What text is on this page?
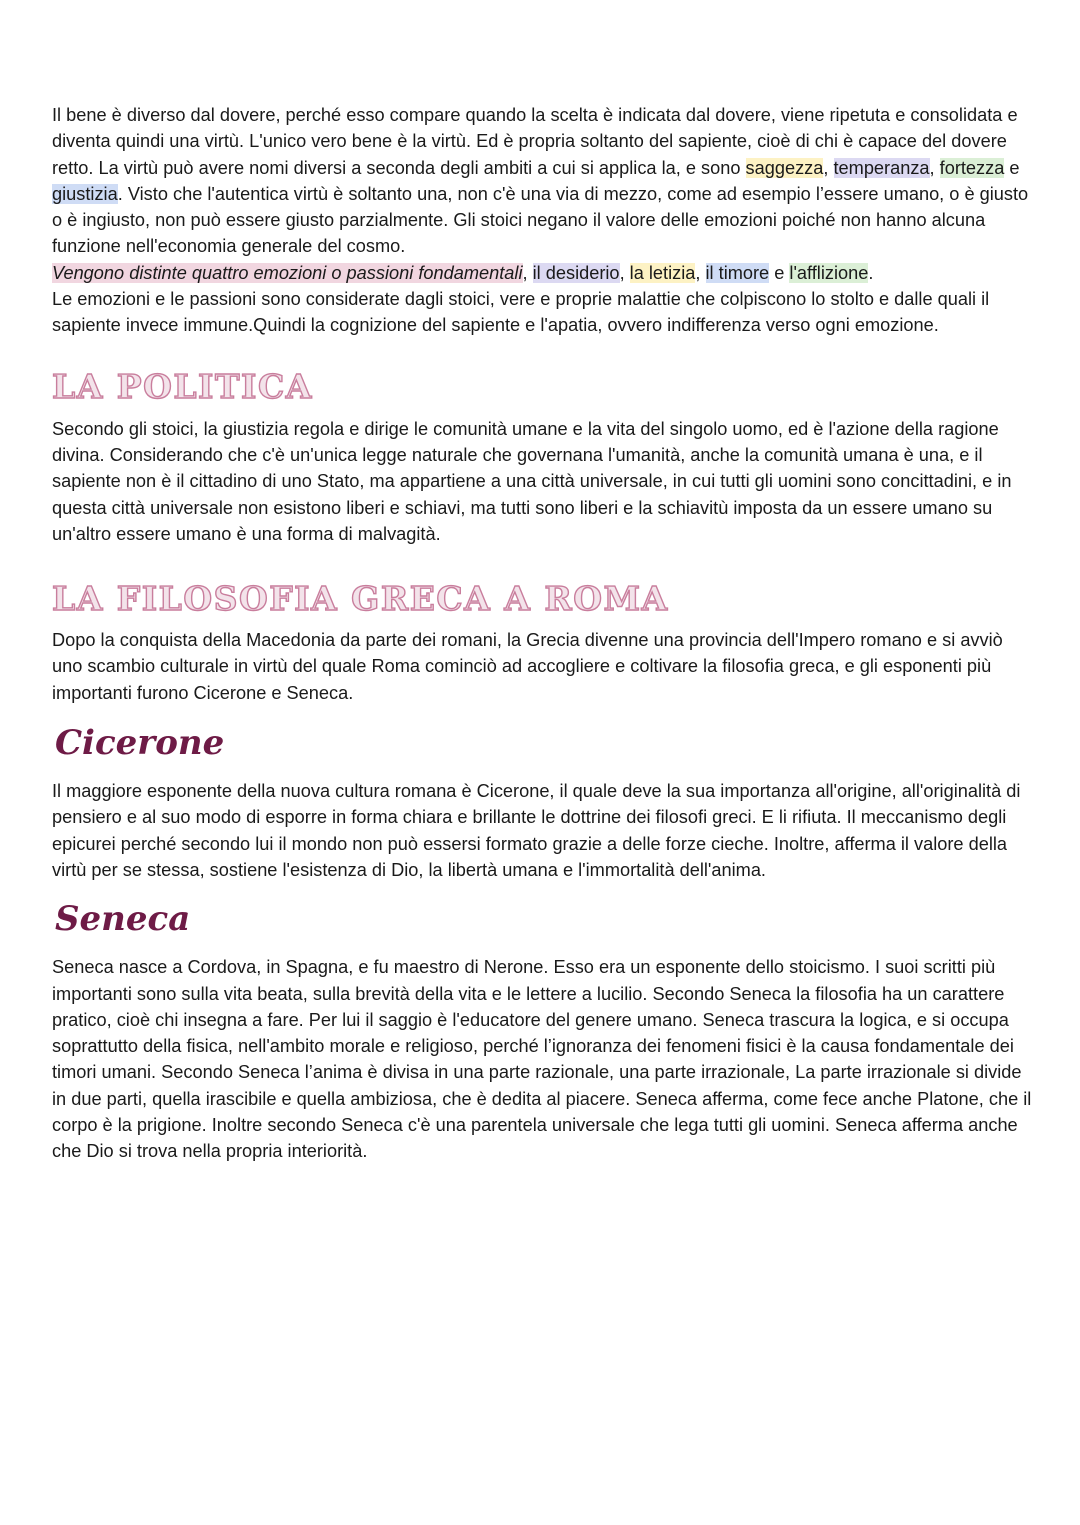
Il bene è diverso dal dovere, perché esso compare quando la scelta è indicata dal dovere, viene ripetuta e consolidata e diventa quindi una virtù. L'unico vero bene è la virtù. Ed è propria soltanto del sapiente, cioè di chi è capace del dovere retto. La virtù può avere nomi diversi a seconda degli ambiti a cui si applica la, e sono saggezza, temperanza, fortezza e giustizia. Visto che l'autentica virtù è soltanto una, non c'è una via di mezzo, come ad esempio l’essere umano, o è giusto o è ingiusto, non può essere giusto parzialmente. Gli stoici negano il valore delle emozioni poiché non hanno alcuna funzione nell'economia generale del cosmo.
Vengono distinte quattro emozioni o passioni fondamentali, il desiderio, la letizia, il timore e l'afflizione.
Le emozioni e le passioni sono considerate dagli stoici, vere e proprie malattie che colpiscono lo stolto e dalle quali il sapiente invece immune.Quindi la cognizione del sapiente e l'apatia, ovvero indifferenza verso ogni emozione.

LA POLITICA

Secondo gli stoici, la giustizia regola e dirige le comunità umane e la vita del singolo uomo, ed è l'azione della ragione divina. Considerando che c'è un'unica legge naturale che governana l'umanità, anche la comunità umana è una, e il sapiente non è il cittadino di uno Stato, ma appartiene a una città universale, in cui tutti gli uomini sono concittadini, e in questa città universale non esistono liberi e schiavi, ma tutti sono liberi e la schiavitù imposta da un essere umano su un'altro essere umano è una forma di malvagità.

LA FILOSOFIA GRECA A ROMA

Dopo la conquista della Macedonia da parte dei romani, la Grecia divenne una provincia dell'Impero romano e si avviò uno scambio culturale in virtù del quale Roma cominciò ad accogliere e coltivare la filosofia greca, e gli esponenti più importanti furono Cicerone e Seneca.

Cicerone

Il maggiore esponente della nuova cultura romana è Cicerone, il quale deve la sua importanza all'origine, all'originalità di pensiero e al suo modo di esporre in forma chiara e brillante le dottrine dei filosofi greci. E li rifiuta. Il meccanismo degli epicurei perché secondo lui il mondo non può essersi formato grazie a delle forze cieche. Inoltre, afferma il valore della virtù per se stessa, sostiene l'esistenza di Dio, la libertà umana e l'immortalità dell'anima.

Seneca

Seneca nasce a Cordova, in Spagna, e fu maestro di Nerone. Esso era un esponente dello stoicismo. I suoi scritti più importanti sono sulla vita beata, sulla brevità della vita e le lettere a lucilio. Secondo Seneca la filosofia ha un carattere pratico, cioè chi insegna a fare. Per lui il saggio è l'educatore del genere umano. Seneca trascura la logica, e si occupa soprattutto della fisica, nell'ambito morale e religioso, perché l’ignoranza dei fenomeni fisici è la causa fondamentale dei timori umani. Secondo Seneca l’anima è divisa in una parte razionale, una parte irrazionale, La parte irrazionale si divide in due parti, quella irascibile e quella ambiziosa, che è dedita al piacere. Seneca afferma, come fece anche Platone, che il corpo è la prigione. Inoltre secondo Seneca c'è una parentela universale che lega tutti gli uomini. Seneca afferma anche che Dio si trova nella propria interiorità.
